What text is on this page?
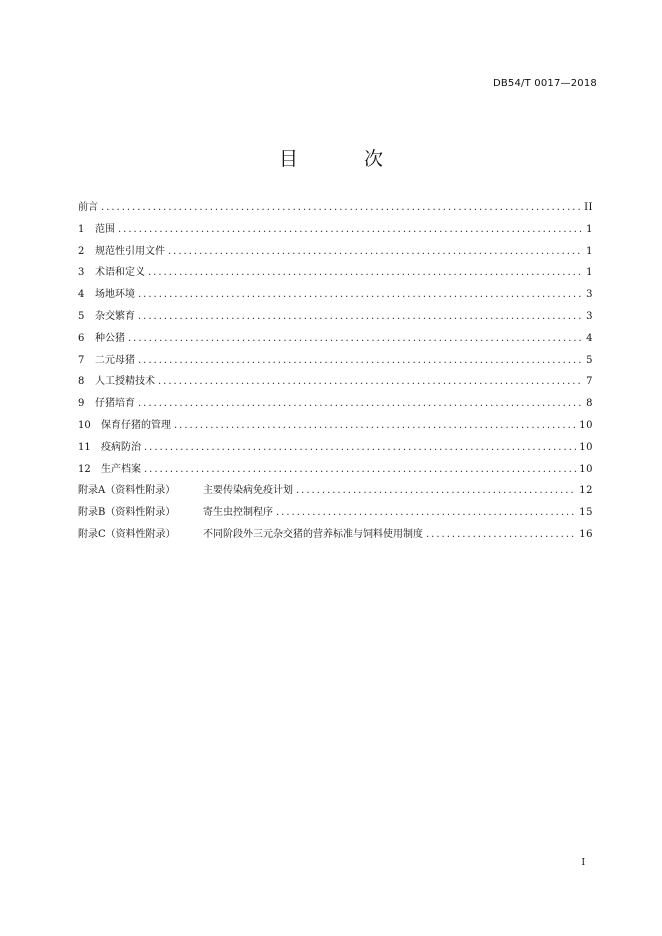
DB54/T 0017—2018
目 次
前言 .....	II
1	范围 .....	1
2	规范性引用文件 .....	1
3	术语和定义 .....	1
4	场地环境 .....	3
5	杂交繁育 .....	3
6	种公猪 .....	4
7	二元母猪 .....	5
8	人工授精技术 .....	7
9	仔猪培育 .....	8
10	保育仔猪的管理 .....	10
11	疫病防治 .....	10
12	生产档案 .....	10
附录A（资料性附录）	主要传染病免疫计划 .....	12
附录B（资料性附录）	寄生虫控制程序 .....	15
附录C（资料性附录）	不同阶段外三元杂交猪的营养标准与饲料使用制度 .....	16
I
